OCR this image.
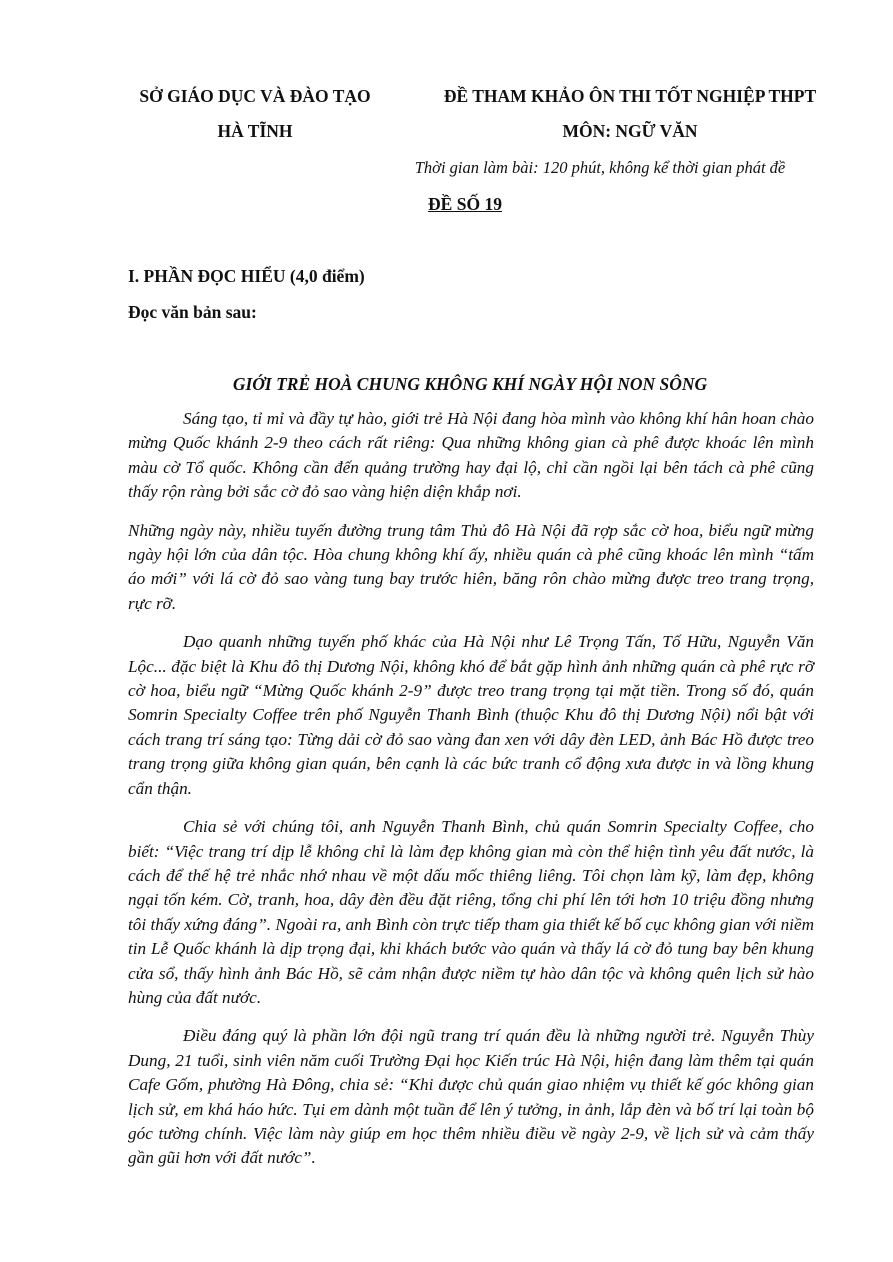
SỞ GIÁO DỤC VÀ ĐÀO TẠO
HÀ TĨNH
ĐỀ THAM KHẢO ÔN THI TỐT NGHIỆP THPT
MÔN: NGỮ VĂN
Thời gian làm bài: 120 phút, không kể thời gian phát đề
ĐỀ SỐ 19
I. PHẦN ĐỌC HIỂU (4,0 điểm)
Đọc văn bản sau:
GIỚI TRẺ HOÀ CHUNG KHÔNG KHÍ NGÀY HỘI NON SÔNG

Sáng tạo, tỉ mỉ và đầy tự hào, giới trẻ Hà Nội đang hòa mình vào không khí hân hoan chào mừng Quốc khánh 2-9 theo cách rất riêng: Qua những không gian cà phê được khoác lên mình màu cờ Tổ quốc. Không cần đến quảng trường hay đại lộ, chỉ cần ngồi lại bên tách cà phê cũng thấy rộn ràng bởi sắc cờ đỏ sao vàng hiện diện khắp nơi.

Những ngày này, nhiều tuyến đường trung tâm Thủ đô Hà Nội đã rợp sắc cờ hoa, biểu ngữ mừng ngày hội lớn của dân tộc. Hòa chung không khí ấy, nhiều quán cà phê cũng khoác lên mình “tấm áo mới” với lá cờ đỏ sao vàng tung bay trước hiên, băng rôn chào mừng được treo trang trọng, rực rỡ.

Dạo quanh những tuyến phố khác của Hà Nội như Lê Trọng Tấn, Tố Hữu, Nguyễn Văn Lộc... đặc biệt là Khu đô thị Dương Nội, không khó để bắt gặp hình ảnh những quán cà phê rực rỡ cờ hoa, biểu ngữ “Mừng Quốc khánh 2-9” được treo trang trọng tại mặt tiền. Trong số đó, quán Somrin Specialty Coffee trên phố Nguyễn Thanh Bình (thuộc Khu đô thị Dương Nội) nổi bật với cách trang trí sáng tạo: Từng dải cờ đỏ sao vàng đan xen với dây đèn LED, ảnh Bác Hồ được treo trang trọng giữa không gian quán, bên cạnh là các bức tranh cổ động xưa được in và lồng khung cẩn thận.

Chia sẻ với chúng tôi, anh Nguyễn Thanh Bình, chủ quán Somrin Specialty Coffee, cho biết: “Việc trang trí dịp lễ không chỉ là làm đẹp không gian mà còn thể hiện tình yêu đất nước, là cách để thế hệ trẻ nhắc nhớ nhau về một dấu mốc thiêng liêng. Tôi chọn làm kỹ, làm đẹp, không ngại tốn kém. Cờ, tranh, hoa, dây đèn đều đặt riêng, tổng chi phí lên tới hơn 10 triệu đồng nhưng tôi thấy xứng đáng”. Ngoài ra, anh Bình còn trực tiếp tham gia thiết kế bố cục không gian với niềm tin Lễ Quốc khánh là dịp trọng đại, khi khách bước vào quán và thấy lá cờ đỏ tung bay bên khung cửa sổ, thấy hình ảnh Bác Hồ, sẽ cảm nhận được niềm tự hào dân tộc và không quên lịch sử hào hùng của đất nước.

Điều đáng quý là phần lớn đội ngũ trang trí quán đều là những người trẻ. Nguyễn Thùy Dung, 21 tuổi, sinh viên năm cuối Trường Đại học Kiến trúc Hà Nội, hiện đang làm thêm tại quán Cafe Gốm, phường Hà Đông, chia sẻ: “Khi được chủ quán giao nhiệm vụ thiết kế góc không gian lịch sử, em khá háo hức. Tụi em dành một tuần để lên ý tưởng, in ảnh, lắp đèn và bố trí lại toàn bộ góc tường chính. Việc làm này giúp em học thêm nhiều điều về ngày 2-9, về lịch sử và cảm thấy gần gũi hơn với đất nước”.
